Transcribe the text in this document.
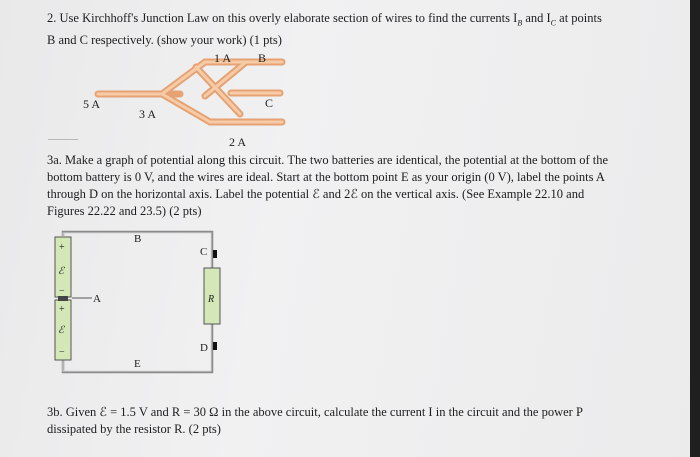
2. Use Kirchhoff's Junction Law on this overly elaborate section of wires to find the currents $I_B$ and $I_C$ at points
B and C respectively. (show your work) (1 pts)
1 A B
C
5 A
3 A
2 A
3a. Make a graph of potential along this circuit. The two batteries are identical, the potential at the bottom of the
bottom battery is 0 V, and the wires are ideal. Start at the bottom point E as your origin (0 V), label the points A
through D on the horizontal axis. Label the potential ℰ and 2ℰ on the vertical axis. (See Example 22.10 and
Figures 22.22 and 23.5) (2 pts)
+
ℰ
−
+
ℰ
−
A
B
C
R
D
E
3b. Given ℰ = 1.5 V and R = 30 Ω in the above circuit, calculate the current I in the circuit and the power P
dissipated by the resistor R. (2 pts)
